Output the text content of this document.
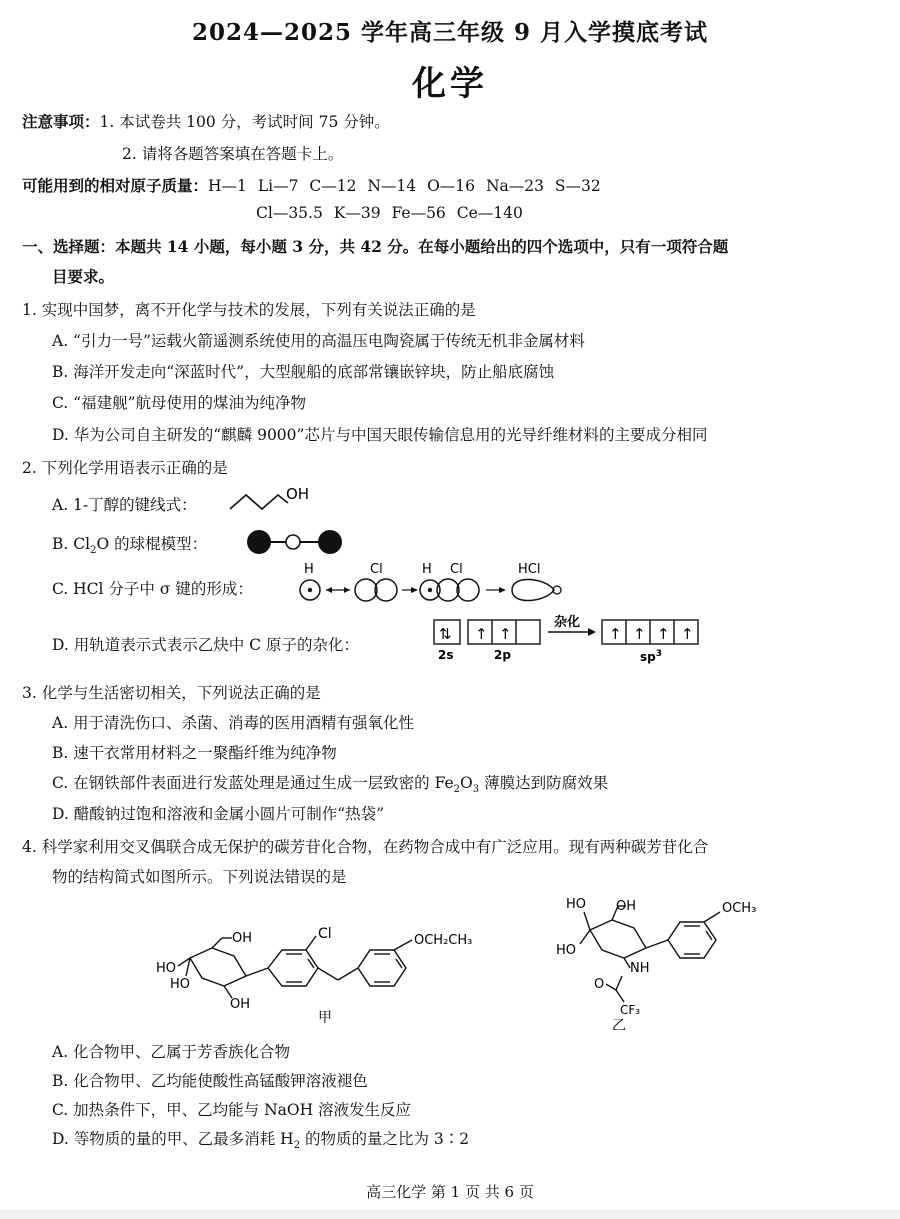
2024—2025 学年高三年级 9 月入学摸底考试
化学
注意事项：1. 本试卷共 100 分，考试时间 75 分钟。
2. 请将各题答案填在答题卡上。
可能用到的相对原子质量：H—1 Li—7 C—12 N—14 O—16 Na—23 S—32
Cl—35.5 K—39 Fe—56 Ce—140
一、选择题：本题共 14 小题，每小题 3 分，共 42 分。在每小题给出的四个选项中，只有一项符合题
目要求。
1. 实现中国梦，离不开化学与技术的发展，下列有关说法正确的是
A. “引力一号”运载火箭遥测系统使用的高温压电陶瓷属于传统无机非金属材料
B. 海洋开发走向“深蓝时代”，大型舰船的底部常镶嵌锌块，防止船底腐蚀
C. “福建舰”航母使用的煤油为纯净物
D. 华为公司自主研发的“麒麟 9000”芯片与中国天眼传输信息用的光导纤维材料的主要成分相同
2. 下列化学用语表示正确的是
A. 1-丁醇的键线式：
OH
B. $Cl_2O$ 的球棍模型：
C. HCl 分子中 σ 键的形成：
H	Cl	H Cl	HCl
D. 用轨道表示式表示乙炔中 C 原子的杂化：
⇅
2s
↑ ↑
2p
杂化
↑ ↑ ↑ ↑
$sp^3$
3. 化学与生活密切相关，下列说法正确的是
A. 用于清洗伤口、杀菌、消毒的医用酒精有强氧化性
B. 速干衣常用材料之一聚酯纤维为纯净物
C. 在钢铁部件表面进行发蓝处理是通过生成一层致密的 $Fe_2O_3$ 薄膜达到防腐效果
D. 醋酸钠过饱和溶液和金属小圆片可制作“热袋”
4. 科学家利用交叉偶联合成无保护的碳芳苷化合物，在药物合成中有广泛应用。现有两种碳芳苷化合
物的结构简式如图所示。下列说法错误的是
OH
HO
HO
OH
Cl	OCH₂CH₃
甲
HO OH	OCH₃
HO
NH
O
CF₃
乙
A. 化合物甲、乙属于芳香族化合物
B. 化合物甲、乙均能使酸性高锰酸钾溶液褪色
C. 加热条件下，甲、乙均能与 NaOH 溶液发生反应
D. 等物质的量的甲、乙最多消耗 $H_2$ 的物质的量之比为 3∶2
高三化学 第 1 页 共 6 页
